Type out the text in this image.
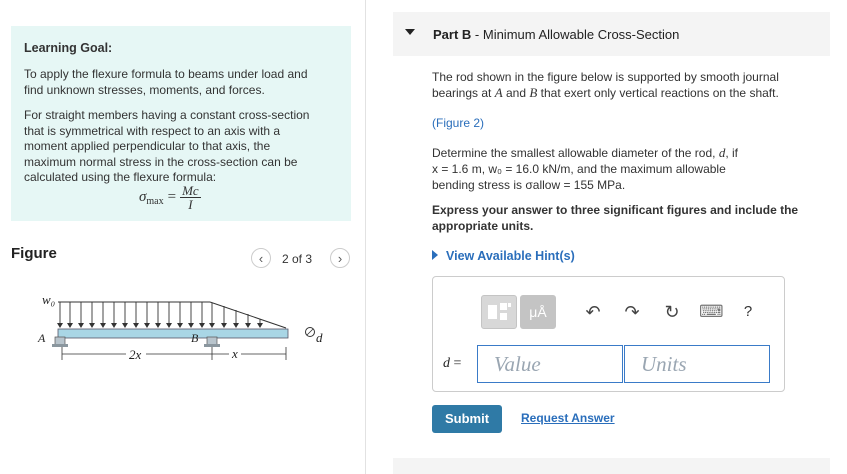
Learning Goal:
To apply the flexure formula to beams under load and
find unknown stresses, moments, and forces.
For straight members having a constant cross-section
that is symmetrical with respect to an axis with a
moment applied perpendicular to that axis, the
maximum normal stress in the cross-section can be
calculated using the flexure formula:
$\sigma_{max} = \frac{Mc}{I}$
Figure	‹	2 of 3	›
w₀
A	B
2x	x
d
Part B - Minimum Allowable Cross-Section
The rod shown in the figure below is supported by smooth journal
bearings at A and B that exert only vertical reactions on the shaft.
(Figure 2)
Determine the smallest allowable diameter of the rod, d, if
x = 1.6 m, w₀ = 16.0 kN/m, and the maximum allowable
bending stress is σallow = 155 MPa.
Express your answer to three significant figures and include the
appropriate units.
View Available Hint(s)
μÅ	↶ ↷ ↻ ⌨	?
d =	Value	Units
Submit	Request Answer
